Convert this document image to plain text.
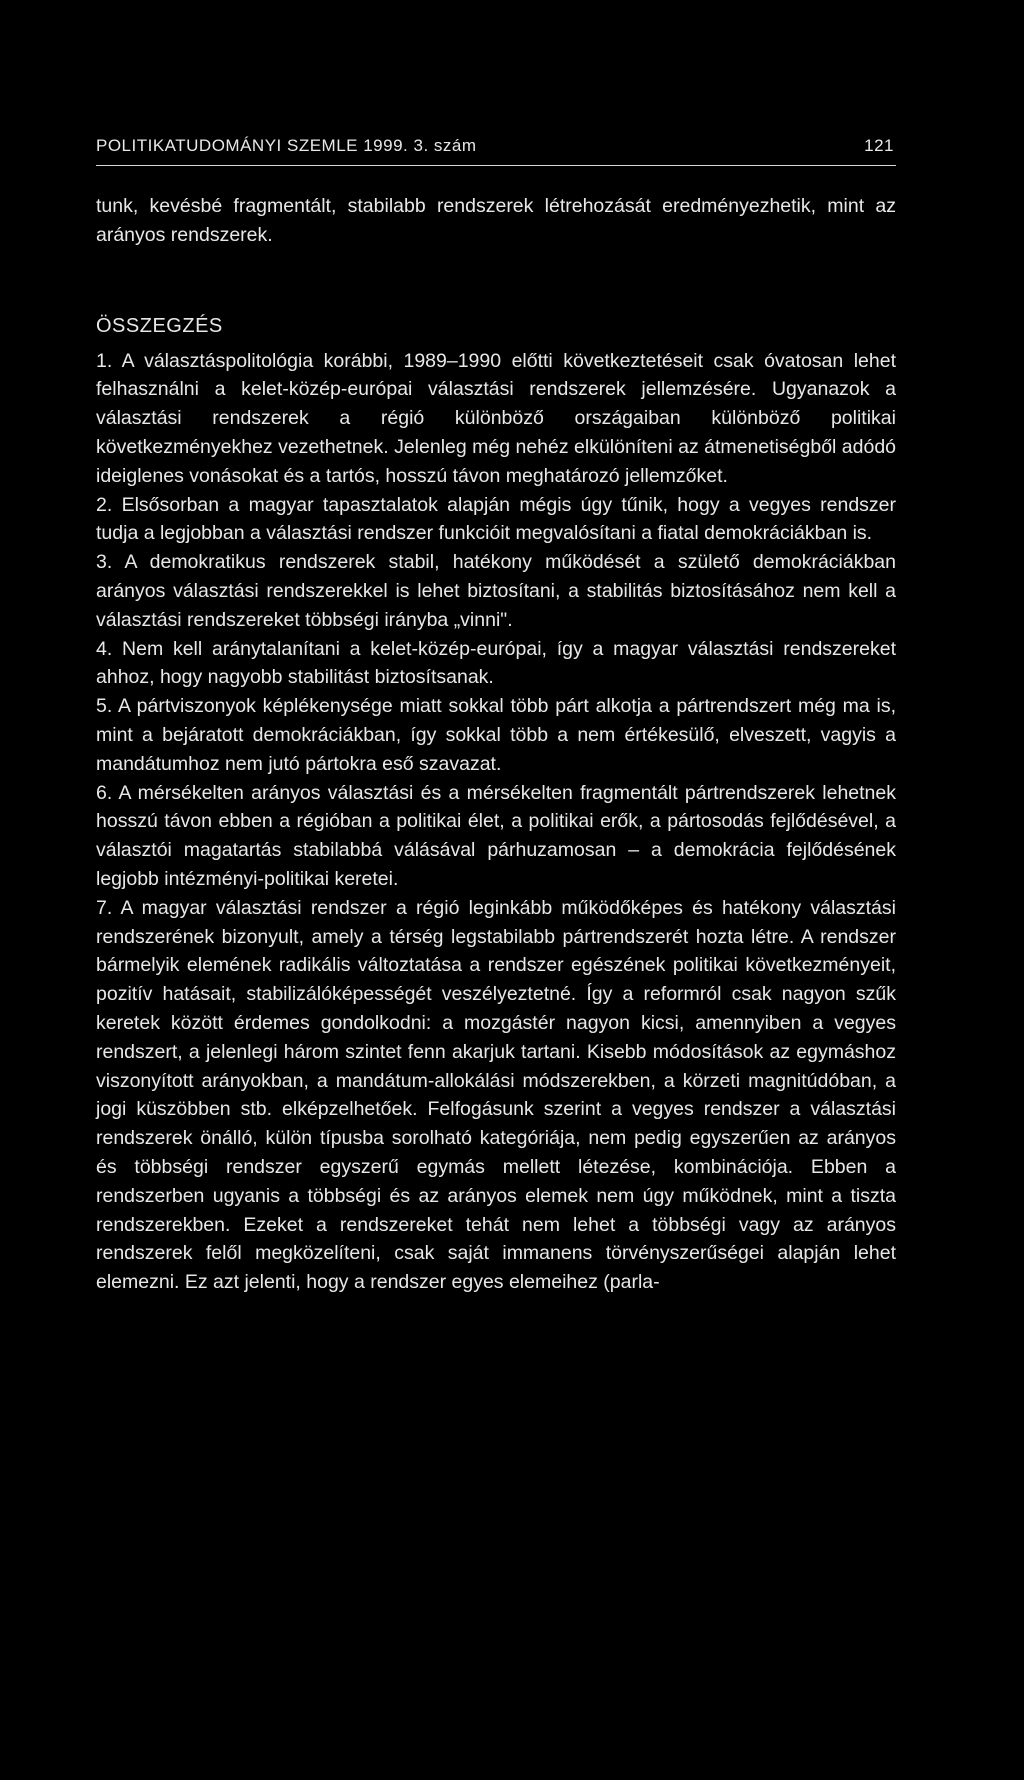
POLITIKATUDOMÁNYI SZEMLE 1999. 3. szám	121

tunk, kevésbé fragmentált, stabilabb rendszerek létrehozását eredményezhetik, mint az arányos rendszerek.

ÖSSZEGZÉS

1. A választáspolitológia korábbi, 1989–1990 előtti következtetéseit csak óvatosan lehet felhasználni a kelet-közép-európai választási rendszerek jellemzésére. Ugyanazok a választási rendszerek a régió különböző országaiban különböző politikai következményekhez vezethetnek. Jelenleg még nehéz elkülöníteni az átmenetiségből adódó ideiglenes vonásokat és a tartós, hosszú távon meghatározó jellemzőket.

2. Elsősorban a magyar tapasztalatok alapján mégis úgy tűnik, hogy a vegyes rendszer tudja a legjobban a választási rendszer funkcióit megvalósítani a fiatal demokráciákban is.

3. A demokratikus rendszerek stabil, hatékony működését a születő demokráciákban arányos választási rendszerekkel is lehet biztosítani, a stabilitás biztosításához nem kell a választási rendszereket többségi irányba „vinni".

4. Nem kell aránytalanítani a kelet-közép-európai, így a magyar választási rendszereket ahhoz, hogy nagyobb stabilitást biztosítsanak.

5. A pártviszonyok képlékenysége miatt sokkal több párt alkotja a pártrendszert még ma is, mint a bejáratott demokráciákban, így sokkal több a nem értékesülő, elveszett, vagyis a mandátumhoz nem jutó pártokra eső szavazat.

6. A mérsékelten arányos választási és a mérsékelten fragmentált pártrendszerek lehetnek hosszú távon ebben a régióban a politikai élet, a politikai erők, a pártosodás fejlődésével, a választói magatartás stabilabbá válásával párhuzamosan – a demokrácia fejlődésének legjobb intézményi-politikai keretei.

7. A magyar választási rendszer a régió leginkább működőképes és hatékony választási rendszerének bizonyult, amely a térség legstabilabb pártrendszerét hozta létre. A rendszer bármelyik elemének radikális változtatása a rendszer egészének politikai következményeit, pozitív hatásait, stabilizálóképességét veszélyeztetné. Így a reformról csak nagyon szűk keretek között érdemes gondolkodni: a mozgástér nagyon kicsi, amennyiben a vegyes rendszert, a jelenlegi három szintet fenn akarjuk tartani. Kisebb módosítások az egymáshoz viszonyított arányokban, a mandátum-allokálási módszerekben, a körzeti magnitúdóban, a jogi küszöbben stb. elképzelhetőek. Felfogásunk szerint a vegyes rendszer a választási rendszerek önálló, külön típusba sorolható kategóriája, nem pedig egyszerűen az arányos és többségi rendszer egyszerű egymás mellett létezése, kombinációja. Ebben a rendszerben ugyanis a többségi és az arányos elemek nem úgy működnek, mint a tiszta rendszerekben. Ezeket a rendszereket tehát nem lehet a többségi vagy az arányos rendszerek felől megközelíteni, csak saját immanens törvényszerűségei alapján lehet elemezni. Ez azt jelenti, hogy a rendszer egyes elemeihez (parla-
